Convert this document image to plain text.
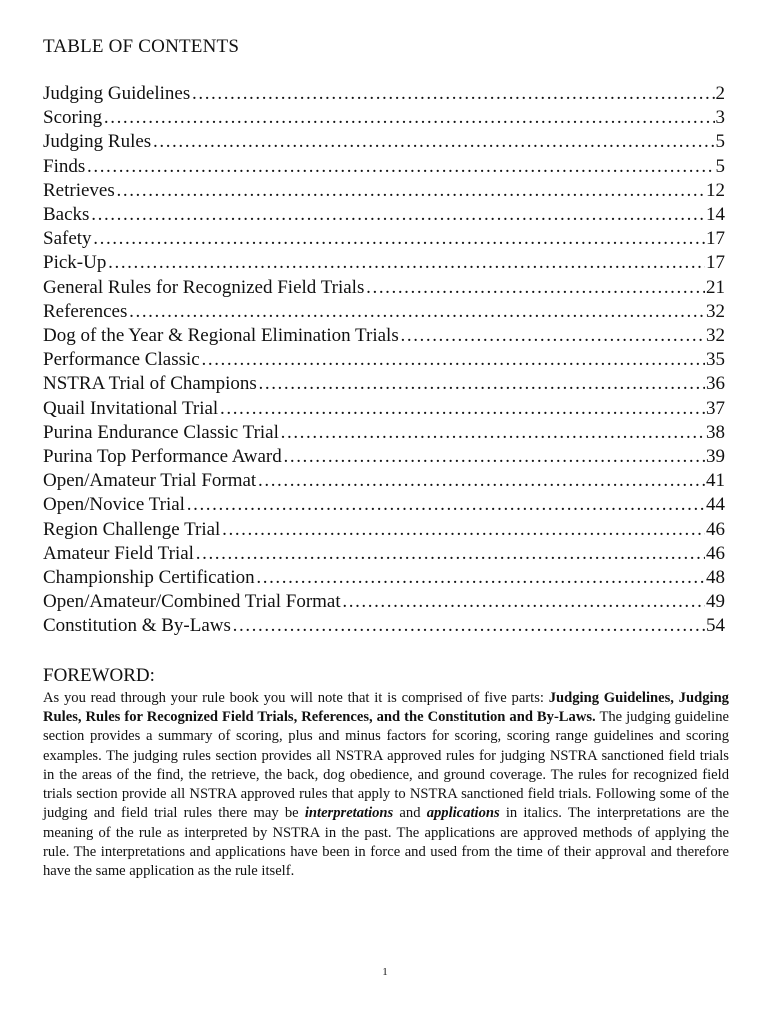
TABLE OF CONTENTS
Judging Guidelines ………………………………………………………………………………………………………………………………………………………………	2
Scoring ………………………………………………………………………………………………………………………………………………………………	3
Judging Rules ………………………………………………………………………………………………………………………………………………………………	5
Finds ………………………………………………………………………………………………………………………………………………………………	5
Retrieves ………………………………………………………………………………………………………………………………………………………………	12
Backs ………………………………………………………………………………………………………………………………………………………………	14
Safety ………………………………………………………………………………………………………………………………………………………………	17
Pick-Up ………………………………………………………………………………………………………………………………………………………………	17
General Rules for Recognized Field Trials ………………………………………………………………………………………………………………………………………………………………	21
References ………………………………………………………………………………………………………………………………………………………………	32
Dog of the Year & Regional Elimination Trials ………………………………………………………………………………………………………………………………………………………………	32
Performance Classic ………………………………………………………………………………………………………………………………………………………………	35
NSTRA Trial of Champions ………………………………………………………………………………………………………………………………………………………………	36
Quail Invitational Trial ………………………………………………………………………………………………………………………………………………………………	37
Purina Endurance Classic Trial ………………………………………………………………………………………………………………………………………………………………	38
Purina Top Performance Award ………………………………………………………………………………………………………………………………………………………………	39
Open/Amateur Trial Format ………………………………………………………………………………………………………………………………………………………………	41
Open/Novice Trial ………………………………………………………………………………………………………………………………………………………………	44
Region Challenge Trial ………………………………………………………………………………………………………………………………………………………………	46
Amateur Field Trial ………………………………………………………………………………………………………………………………………………………………	46
Championship Certification ………………………………………………………………………………………………………………………………………………………………	48
Open/Amateur/Combined Trial Format ………………………………………………………………………………………………………………………………………………………………	49
Constitution & By-Laws ………………………………………………………………………………………………………………………………………………………………	54
FOREWORD:

As you read through your rule book you will note that it is comprised of five parts: Judging Guidelines, Judging Rules, Rules for Recognized Field Trials, References, and the Constitution and By-Laws. The judging guideline section provides a summary of scoring, plus and minus factors for scoring, scoring range guidelines and scoring examples. The judging rules section provides all NSTRA approved rules for judging NSTRA sanctioned field trials in the areas of the find, the retrieve, the back, dog obedience, and ground coverage. The rules for recognized field trials section provide all NSTRA approved rules that apply to NSTRA sanctioned field trials. Following some of the judging and field trial rules there may be interpretations and applications in italics. The interpretations are the meaning of the rule as interpreted by NSTRA in the past. The applications are approved methods of applying the rule. The interpretations and applications have been in force and used from the time of their approval and therefore have the same application as the rule itself.

1
